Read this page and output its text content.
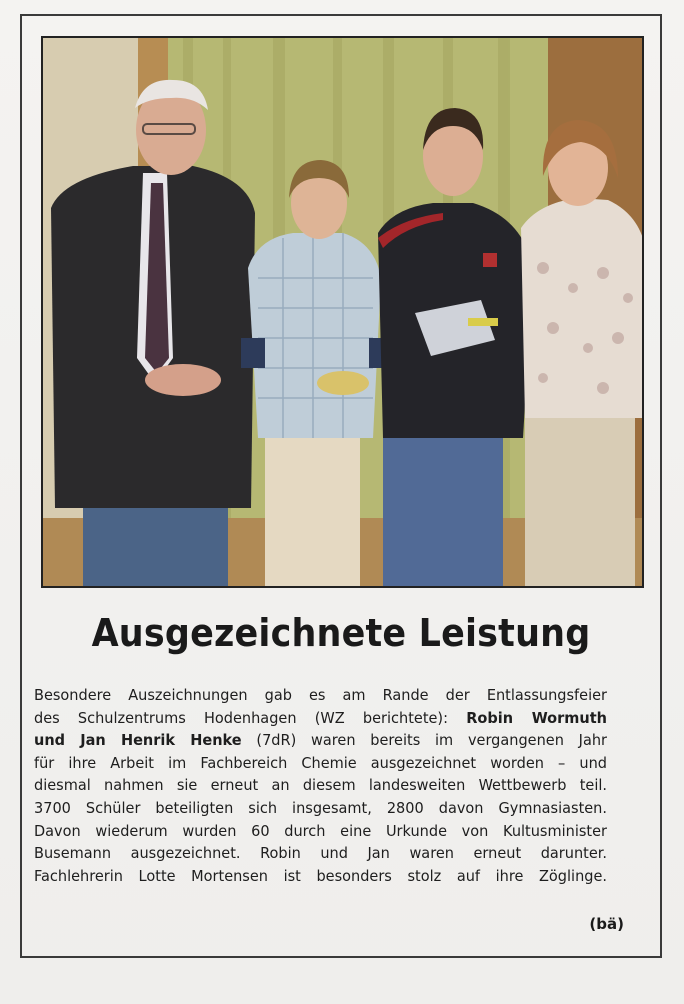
Ausgezeichnete Leistung
Besondere Auszeichnungen gab es am Rande der Entlassungsfeier
des Schulzentrums Hodenhagen (WZ berichtete): Robin Wormuth
und Jan Henrik Henke (7dR) waren bereits im vergangenen Jahr
für ihre Arbeit im Fachbereich Chemie ausgezeichnet worden – und
diesmal nahmen sie erneut an diesem landesweiten Wettbewerb teil.
3700 Schüler beteiligten sich insgesamt, 2800 davon Gymnasiasten.
Davon wiederum wurden 60 durch eine Urkunde von Kultusminister
Busemann ausgezeichnet. Robin und Jan waren erneut darunter.
Fachlehrerin Lotte Mortensen ist besonders stolz auf ihre Zöglinge.
(bä)
